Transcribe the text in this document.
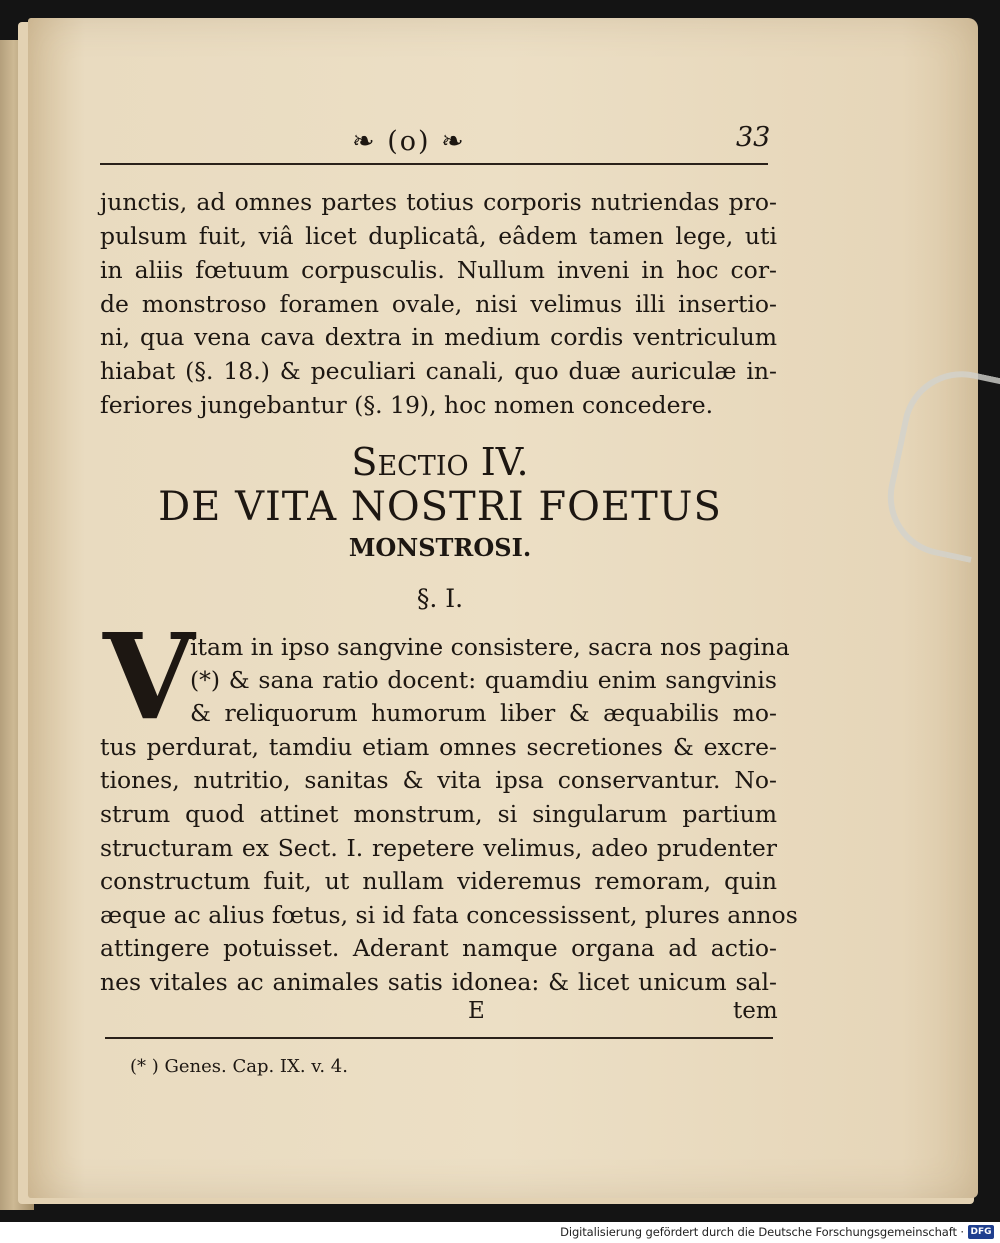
❧ (o) ❧	33
junctis, ad omnes partes totius corporis nutriendas pro-
pulsum fuit, viâ licet duplicatâ, eâdem tamen lege, uti
in aliis fœtuum corpusculis. Nullum inveni in hoc cor-
de monstroso foramen ovale, nisi velimus illi insertio-
ni, qua vena cava dextra in medium cordis ventriculum
hiabat (§. 18.) & peculiari canali, quo duæ auriculæ in-
feriores jungebantur (§. 19), hoc nomen concedere.
Sectio IV.
DE VITA NOSTRI FOETUS
MONSTROSI.
§. I.
V
itam in ipso sangvine consistere, sacra nos pagina
(*) & sana ratio docent: quamdiu enim sangvinis
& reliquorum humorum liber & æquabilis mo-
tus perdurat, tamdiu etiam omnes secretiones & excre-
tiones, nutritio, sanitas & vita ipsa conservantur. No-
strum quod attinet monstrum, si singularum partium
structuram ex Sect. I. repetere velimus, adeo prudenter
constructum fuit, ut nullam videremus remoram, quin
æque ac alius fœtus, si id fata concessissent, plures annos
attingere potuisset. Aderant namque organa ad actio-
nes vitales ac animales satis idonea: & licet unicum sal-
E	tem
(* ) Genes. Cap. IX. v. 4.
Digitalisierung gefördert durch die Deutsche Forschungsgemeinschaft · DFG
